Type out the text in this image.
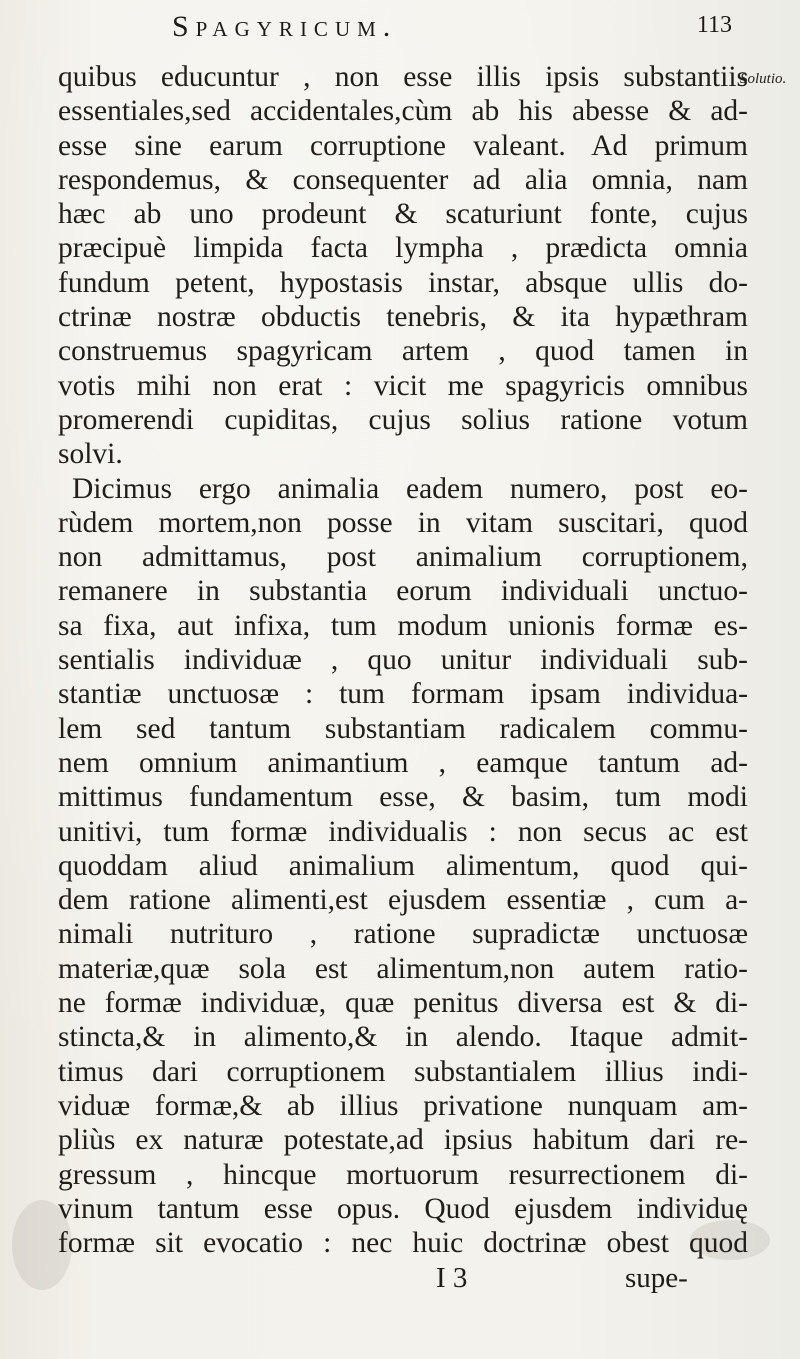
Spagyricum.	113
Solutio.
quibus educuntur , non esse illis ipsis substantiis
essentiales,sed accidentales,cùm ab his abesse & ad-
esse sine earum corruptione valeant. Ad primum
respondemus, & consequenter ad alia omnia, nam
hæc ab uno prodeunt & scaturiunt fonte, cujus
præcipuè limpida facta lympha , prædicta omnia
fundum petent, hypostasis instar, absque ullis do-
ctrinæ nostræ obductis tenebris, & ita hypæthram
construemus spagyricam artem , quod tamen in
votis mihi non erat : vicit me spagyricis omnibus
promerendi cupiditas, cujus solius ratione votum
solvi.
Dicimus ergo animalia eadem numero, post eo-
rùdem mortem,non posse in vitam suscitari, quod
non admittamus, post animalium corruptionem,
remanere in substantia eorum individuali unctuo-
sa fixa, aut infixa, tum modum unionis formæ es-
sentialis individuæ , quo unitur individuali sub-
stantiæ unctuosæ : tum formam ipsam individua-
lem sed tantum substantiam radicalem commu-
nem omnium animantium , eamque tantum ad-
mittimus fundamentum esse, & basim, tum modi
unitivi, tum formæ individualis : non secus ac est
quoddam aliud animalium alimentum, quod qui-
dem ratione alimenti,est ejusdem essentiæ , cum a-
nimali nutrituro , ratione supradictæ unctuosæ
materiæ,quæ sola est alimentum,non autem ratio-
ne formæ individuæ, quæ penitus diversa est & di-
stincta,& in alimento,& in alendo. Itaque admit-
timus dari corruptionem substantialem illius indi-
viduæ formæ,& ab illius privatione nunquam am-
pliùs ex naturæ potestate,ad ipsius habitum dari re-
gressum , hincque mortuorum resurrectionem di-
vinum tantum esse opus. Quod ejusdem individuę
formæ sit evocatio : nec huic doctrinæ obest quod
I 3	supe-
